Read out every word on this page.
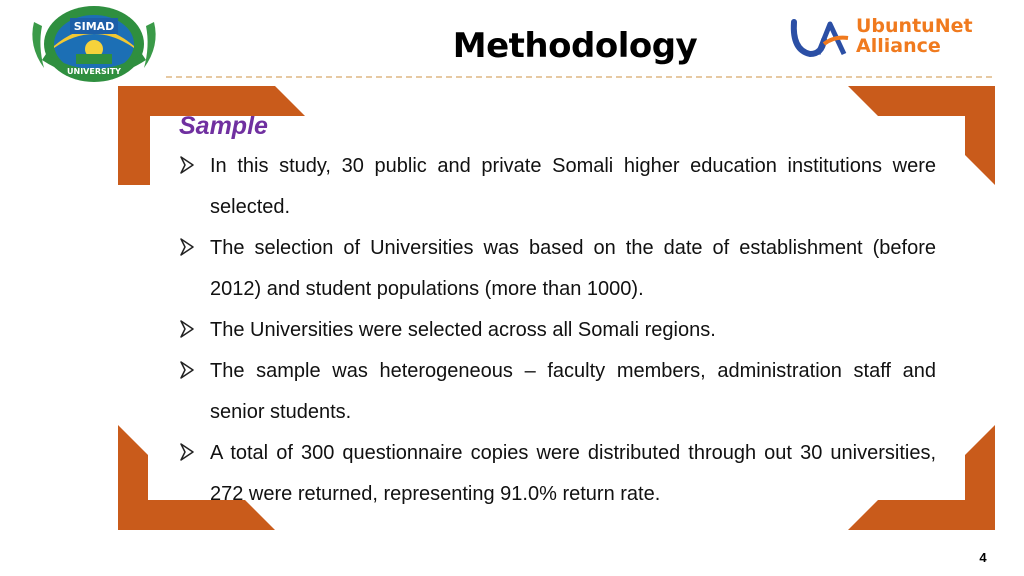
SIMAD
UNIVERSITY
Methodology	UbuntuNet
Alliance
Sample
In this study, 30 public and private Somali higher education institutions were selected.
The selection of Universities was based on the date of establishment (before 2012) and student populations (more than 1000).
The Universities were selected across all Somali regions.
The sample was heterogeneous – faculty members, administration staff and senior students.
A total of 300 questionnaire copies were distributed through out 30 universities, 272 were returned, representing 91.0% return rate.
4
